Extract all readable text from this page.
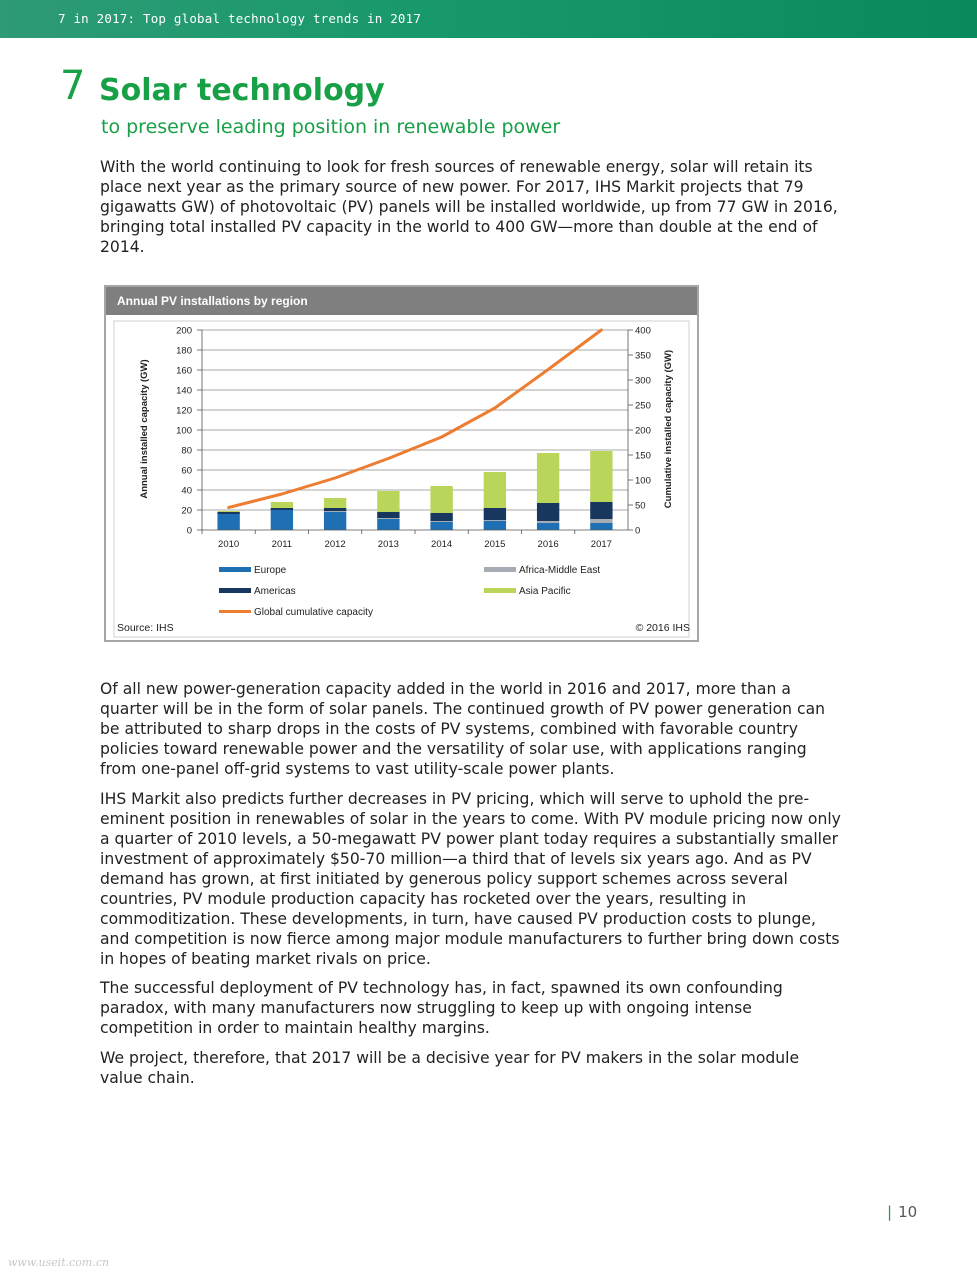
7 in 2017: Top global technology trends in 2017
7 Solar technology
to preserve leading position in renewable power

With the world continuing to look for fresh sources of renewable energy, solar will retain its place next year as the primary source of new power. For 2017, IHS Markit projects that 79 gigawatts GW) of photovoltaic (PV) panels will be installed worldwide, up from 77 GW in 2016, bringing total installed PV capacity in the world to 400 GW—more than double at the end of 2014.

Annual PV installations by region
0
20
40
60
80
100
120
140
160
180
200
0
50
100
150
200
250
300
350
400
2010	2011	2012	2013	2014	2015	2016	2017
Annual installed capacity (GW)	Cumulative installed capacity (GW)
Europe	Africa-Middle East
Americas	Asia Pacific
Global cumulative capacity
Source: IHS	© 2016 IHS

Of all new power-generation capacity added in the world in 2016 and 2017, more than a quarter will be in the form of solar panels. The continued growth of PV power generation can be attributed to sharp drops in the costs of PV systems, combined with favorable country policies toward renewable power and the versatility of solar use, with applications ranging from one-panel off-grid systems to vast utility-scale power plants.

IHS Markit also predicts further decreases in PV pricing, which will serve to uphold the pre-eminent position in renewables of solar in the years to come. With PV module pricing now only a quarter of 2010 levels, a 50-megawatt PV power plant today requires a substantially smaller investment of approximately $50-70 million—a third that of levels six years ago. And as PV demand has grown, at first initiated by generous policy support schemes across several countries, PV module production capacity has rocketed over the years, resulting in commoditization. These developments, in turn, have caused PV production costs to plunge, and competition is now fierce among major module manufacturers to further bring down costs in hopes of beating market rivals on price.

The successful deployment of PV technology has, in fact, spawned its own confounding paradox, with many manufacturers now struggling to keep up with ongoing intense competition in order to maintain healthy margins.

We project, therefore, that 2017 will be a decisive year for PV makers in the solar module value chain.

| 10
www.useit.com.cn
